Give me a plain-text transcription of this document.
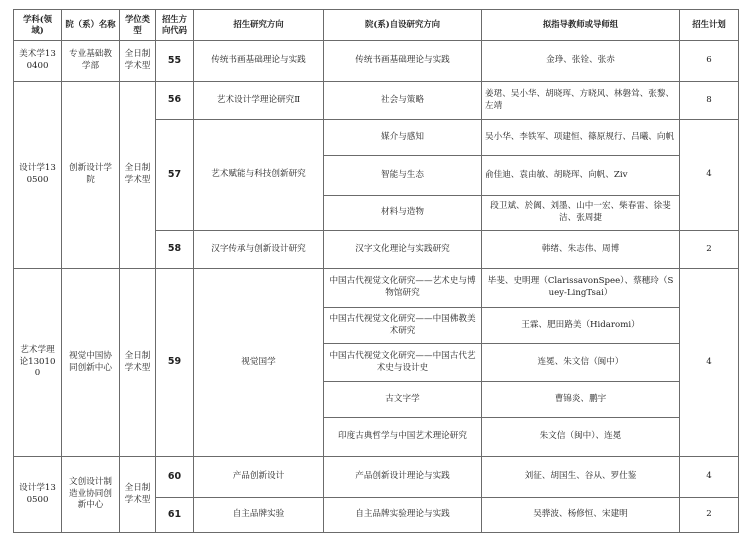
学科(领域)	院（系）名称	学位类型	招生方向代码	招生研究方向	院(系)自设研究方向	拟指导教师或导师组	招生计划
美术学130400	专业基础教学部	全日制学术型	55	传统书画基础理论与实践	传统书画基础理论与实践	金琤、张铨、张赤	6
设计学130500	创新设计学院	全日制学术型	56	艺术设计学理论研究Ⅱ	社会与策略	姜珺、吴小华、胡晓珲、方晓风、林磐耸、张黎、左靖	8
			57	艺术赋能与科技创新研究	媒介与感知	吴小华、李铁军、项建恒、篠原规行、吕曦、向帆	4
					智能与生态	俞佳迪、袁由敏、胡晓珲、向帆、Ziv	
					材料与造物	段卫斌、於阗、刘墨、山中一宏、柴春雷、徐斐洁、张周捷	
			58	汉字传承与创新设计研究	汉字文化理论与实践研究	韩绪、朱志伟、周博	2
艺术学理论130100	视觉中国协同创新中心	全日制学术型	59	视觉国学	中国古代视觉文化研究——艺术史与博物馆研究	毕斐、史明理（ClarissavonSpee）、蔡穗玲（Suey-LingTsai）	4
					中国古代视觉文化研究——中国佛教美术研究	王霖、肥田路美（Hidaromi）	
					中国古代视觉文化研究——中国古代艺术史与设计史	连冕、朱文信（闽中）	
					古文字学	曹锦炎、鹏宇	
					印度古典哲学与中国艺术理论研究	朱文信（闽中）、连冕	
设计学130500	文创设计制造业协同创新中心	全日制学术型	60	产品创新设计	产品创新设计理论与实践	刘征、胡国生、谷从、罗仕鉴	4
			61	自主品牌实验	自主品牌实验理论与实践	吴骅波、杨修恒、宋建明	2
